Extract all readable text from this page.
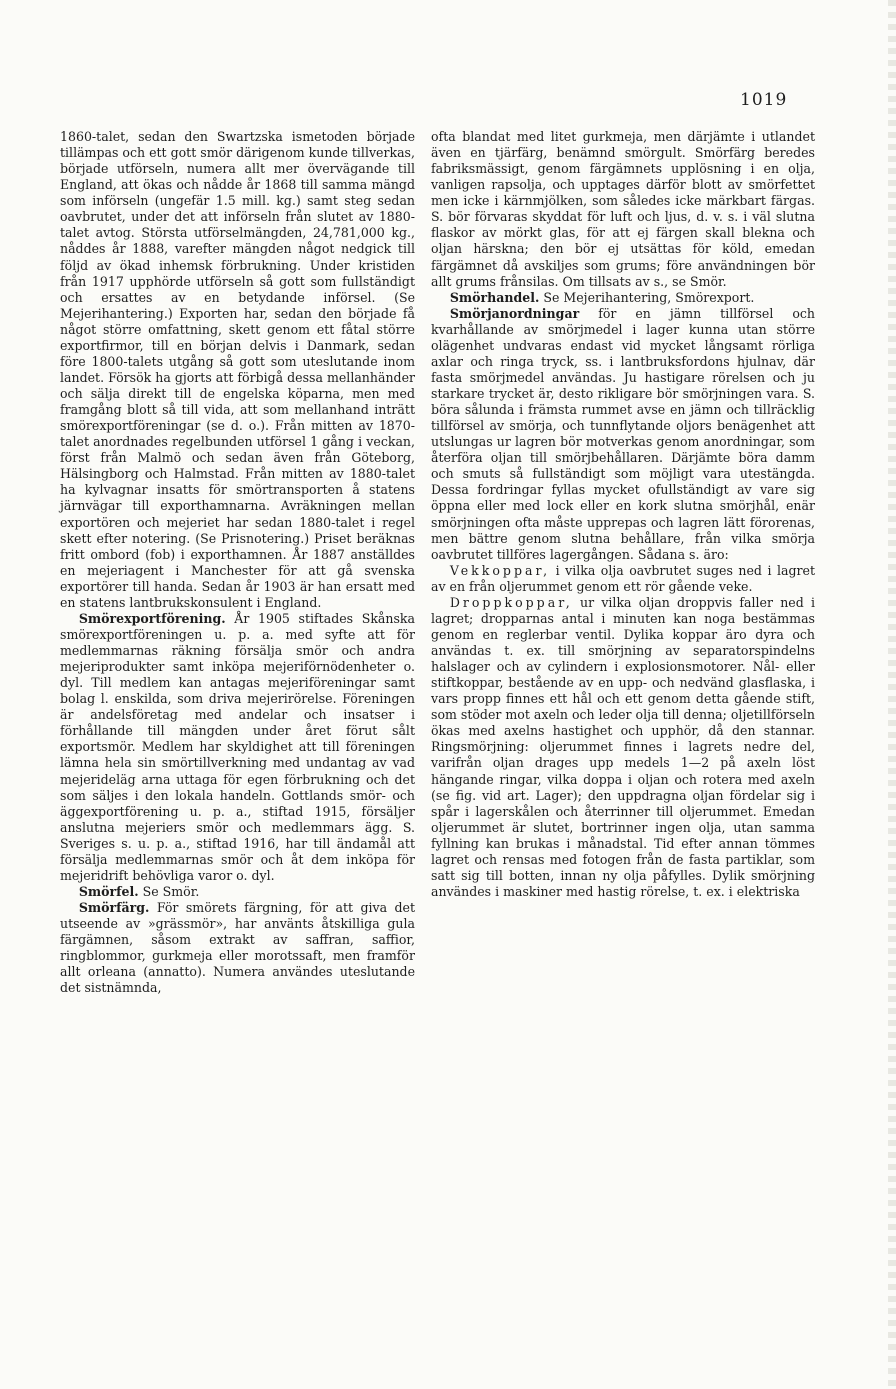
1019

1860-talet, sedan den Swartzska ismetoden började tillämpas och ett gott smör därigenom kunde tillverkas, började utförseln, numera allt mer övervägande till England, att ökas och nådde år 1868 till samma mängd som införseln (ungefär 1.5 mill. kg.) samt steg sedan oavbrutet, under det att införseln från slutet av 1880-talet avtog. Största utförselmängden, 24,781,000 kg., nåddes år 1888, varefter mängden något nedgick till följd av ökad inhemsk förbrukning. Under kristiden från 1917 upphörde utförseln så gott som fullständigt och ersattes av en betydande införsel. (Se Mejerihantering.) Exporten har, sedan den började få något större omfattning, skett genom ett fåtal större exportfirmor, till en början delvis i Danmark, sedan före 1800-talets utgång så gott som uteslutande inom landet. Försök ha gjorts att förbigå dessa mellanhänder och sälja direkt till de engelska köparna, men med framgång blott så till vida, att som mellanhand inträtt smörexportföreningar (se d. o.). Från mitten av 1870-talet anordnades regelbunden utförsel 1 gång i veckan, först från Malmö och sedan även från Göteborg, Hälsingborg och Halmstad. Från mitten av 1880-talet ha kylvagnar insatts för smörtransporten å statens järnvägar till exporthamnarna. Avräkningen mellan exportören och mejeriet har sedan 1880-talet i regel skett efter notering. (Se Prisnotering.) Priset beräknas fritt ombord (fob) i exporthamnen. År 1887 anställdes en mejeriagent i Manchester för att gå svenska exportörer till handa. Sedan år 1903 är han ersatt med en statens lantbrukskonsulent i England.

Smörexportförening. År 1905 stiftades Skånska smörexportföreningen u. p. a. med syfte att för medlemmarnas räkning försälja smör och andra mejeriprodukter samt inköpa mejeriförnödenheter o. dyl. Till medlem kan antagas mejeriföreningar samt bolag l. enskilda, som driva mejerirörelse. Föreningen är andelsföretag med andelar och insatser i förhållande till mängden under året förut sålt exportsmör. Medlem har skyldighet att till föreningen lämna hela sin smörtillverkning med undantag av vad mejerideläg arna uttaga för egen förbrukning och det som säljes i den lokala handeln. Gottlands smör- och äggexportförening u. p. a., stiftad 1915, försäljer anslutna mejeriers smör och medlemmars ägg. S. Sveriges s. u. p. a., stiftad 1916, har till ändamål att försälja medlemmarnas smör och åt dem inköpa för mejeridrift behövliga varor o. dyl.

Smörfel. Se Smör.

Smörfärg. För smörets färgning, för att giva det utseende av »grässmör», har använts åtskilliga gula färgämnen, såsom extrakt av saffran, saffior, ringblommor, gurkmeja eller morotssaft, men framför allt orleana (annatto). Numera användes uteslutande det sistnämnda,

ofta blandat med litet gurkmeja, men därjämte i utlandet även en tjärfärg, benämnd smörgult. Smörfärg beredes fabriksmässigt, genom färgämnets upplösning i en olja, vanligen rapsolja, och upptages därför blott av smörfettet men icke i kärnmjölken, som således icke märkbart färgas. S. bör förvaras skyddat för luft och ljus, d. v. s. i väl slutna flaskor av mörkt glas, för att ej färgen skall blekna och oljan härskna; den bör ej utsättas för köld, emedan färgämnet då avskiljes som grums; före användningen bör allt grums frånsilas. Om tillsats av s., se Smör.

Smörhandel. Se Mejerihantering, Smörexport.

Smörjanordningar för en jämn tillförsel och kvarhållande av smörjmedel i lager kunna utan större olägenhet undvaras endast vid mycket långsamt rörliga axlar och ringa tryck, ss. i lantbruksfordons hjulnav, där fasta smörjmedel användas. Ju hastigare rörelsen och ju starkare trycket är, desto rikligare bör smörjningen vara. S. böra sålunda i främsta rummet avse en jämn och tillräcklig tillförsel av smörja, och tunnflytande oljors benägenhet att utslungas ur lagren bör motverkas genom anordningar, som återföra oljan till smörjbehållaren. Därjämte böra damm och smuts så fullständigt som möjligt vara utestängda. Dessa fordringar fyllas mycket ofullständigt av vare sig öppna eller med lock eller en kork slutna smörjhål, enär smörjningen ofta måste upprepas och lagren lätt förorenas, men bättre genom slutna behållare, från vilka smörja oavbrutet tillföres lagergången. Sådana s. äro:

Vekkoppar, i vilka olja oavbrutet suges ned i lagret av en från oljerummet genom ett rör gående veke.

Droppkoppar, ur vilka oljan droppvis faller ned i lagret; dropparnas antal i minuten kan noga bestämmas genom en reglerbar ventil. Dylika koppar äro dyra och användas t. ex. till smörjning av separatorspindelns halslager och av cylindern i explosionsmotorer. Nål- eller stiftkoppar, bestående av en upp- och nedvänd glasflaska, i vars propp finnes ett hål och ett genom detta gående stift, som stöder mot axeln och leder olja till denna; oljetillförseln ökas med axelns hastighet och upphör, då den stannar. Ringsmörjning: oljerummet finnes i lagrets nedre del, varifrån oljan drages upp medels 1—2 på axeln löst hängande ringar, vilka doppa i oljan och rotera med axeln (se fig. vid art. Lager); den uppdragna oljan fördelar sig i spår i lagerskålen och återrinner till oljerummet. Emedan oljerummet är slutet, bortrinner ingen olja, utan samma fyllning kan brukas i månadstal. Tid efter annan tömmes lagret och rensas med fotogen från de fasta partiklar, som satt sig till botten, innan ny olja påfylles. Dylik smörjning användes i maskiner med hastig rörelse, t. ex. i elektriska
